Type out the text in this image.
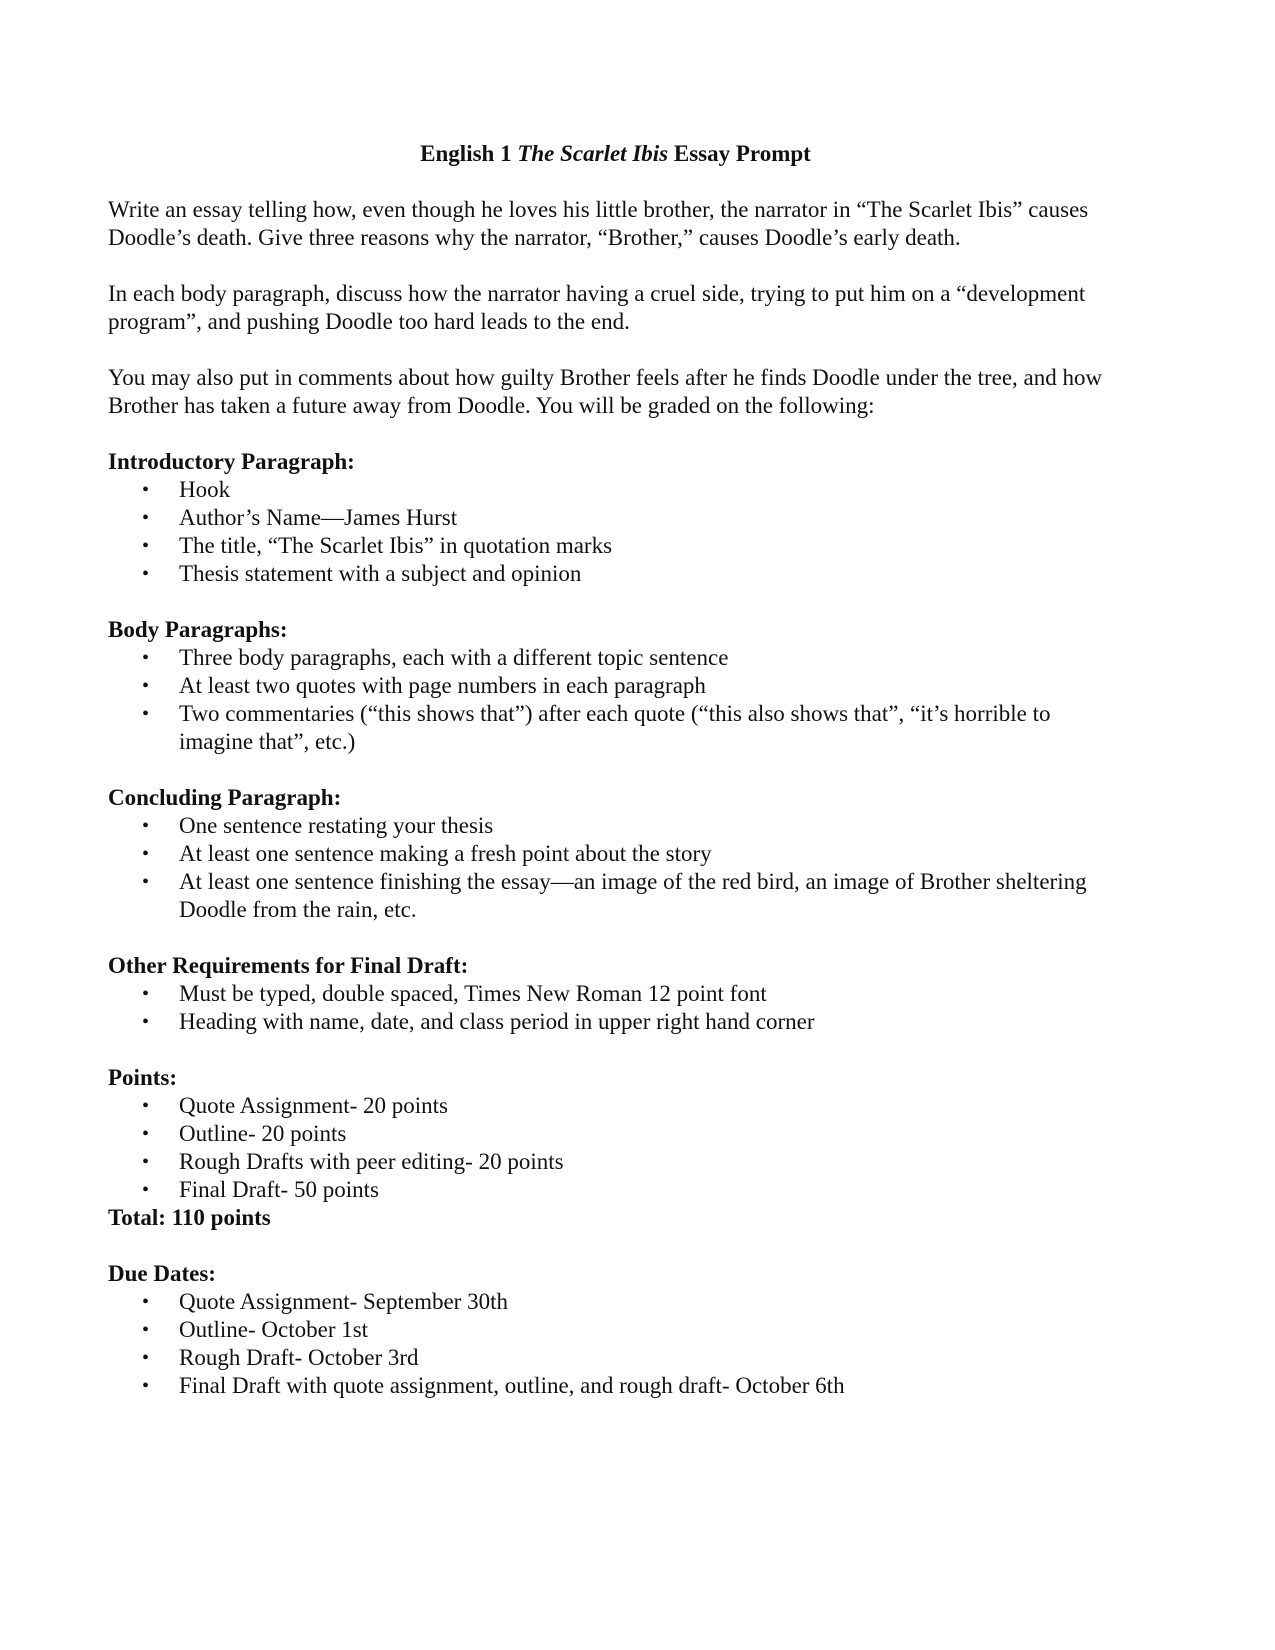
English 1 The Scarlet Ibis Essay Prompt

Write an essay telling how, even though he loves his little brother, the narrator in “The Scarlet Ibis” causes Doodle’s death. Give three reasons why the narrator, “Brother,” causes Doodle’s early death.

In each body paragraph, discuss how the narrator having a cruel side, trying to put him on a “development program”, and pushing Doodle too hard leads to the end.

You may also put in comments about how guilty Brother feels after he finds Doodle under the tree, and how Brother has taken a future away from Doodle. You will be graded on the following:

Introductory Paragraph:

• Hook
• Author’s Name—James Hurst
• The title, “The Scarlet Ibis” in quotation marks
• Thesis statement with a subject and opinion

Body Paragraphs:

• Three body paragraphs, each with a different topic sentence
• At least two quotes with page numbers in each paragraph
• Two commentaries (“this shows that”) after each quote (“this also shows that”, “it’s horrible to imagine that”, etc.)

Concluding Paragraph:

• One sentence restating your thesis
• At least one sentence making a fresh point about the story
• At least one sentence finishing the essay—an image of the red bird, an image of Brother sheltering Doodle from the rain, etc.

Other Requirements for Final Draft:

• Must be typed, double spaced, Times New Roman 12 point font
• Heading with name, date, and class period in upper right hand corner

Points:

• Quote Assignment- 20 points
• Outline- 20 points
• Rough Drafts with peer editing- 20 points
• Final Draft- 50 points

Total: 110 points

Due Dates:

• Quote Assignment- September 30th
• Outline- October 1st
• Rough Draft- October 3rd
• Final Draft with quote assignment, outline, and rough draft- October 6th
